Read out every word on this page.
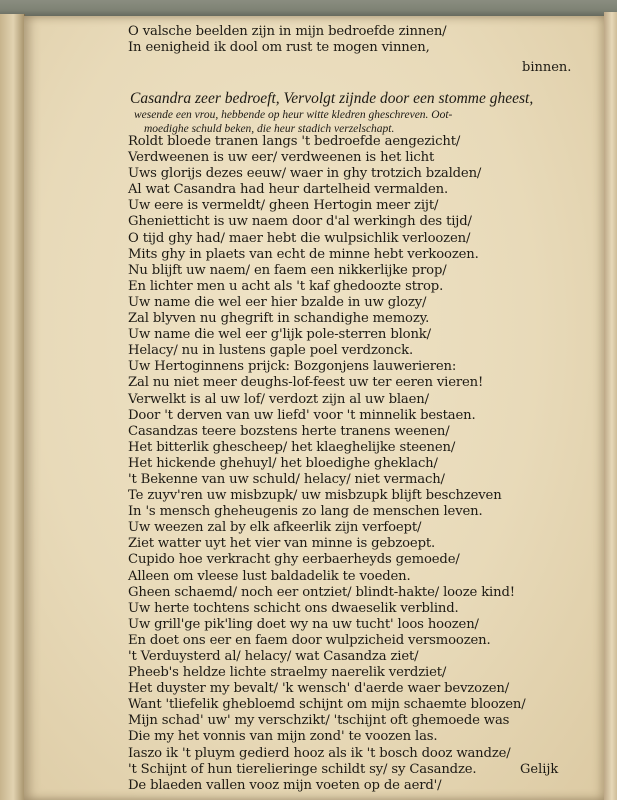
O valsche beelden zijn in mijn bedroefde zinnen/
In eenigheid ik dool om rust te mogen vinnen,
binnen.
Casandra zeer bedroeft, Vervolgt zijnde door een stomme gheest,
wesende een vrou, hebbende op heur witte kledren gheschreven. Oot-
moedighe schuld beken, die heur stadich verzelschapt.
Roldt bloede tranen langs 't bedroefde aengezicht/
Verdweenen is uw eer/ verdweenen is het licht
Uws glorijs dezes eeuw/ waer in ghy trotzich bzalden/
Al wat Casandra had heur dartelheid vermalden.
Uw eere is vermeldt/ gheen Hertogin meer zijt/
Ghenietticht is uw naem door d'al werkingh des tijd/
O tijd ghy had/ maer hebt die wulpsichlik verloozen/
Mits ghy in plaets van echt de minne hebt verkoozen.
Nu blijft uw naem/ en faem een nikkerlijke prop/
En lichter men u acht als 't kaf ghedoozte strop.
Uw name die wel eer hier bzalde in uw glozy/
Zal blyven nu ghegrift in schandighe memozy.
Uw name die wel eer g'lijk pole-sterren blonk/
Helacy/ nu in lustens gaple poel verdzonck.
Uw Hertoginnens prijck: Bozgonjens lauwerieren:
Zal nu niet meer deughs-lof-feest uw ter eeren vieren!
Verwelkt is al uw lof/ verdozt zijn al uw blaen/
Door 't derven van uw liefd' voor 't minnelik bestaen.
Casandzas teere bozstens herte tranens weenen/
Het bitterlik ghescheep/ het klaeghelijke steenen/
Het hickende ghehuyl/ het bloedighe gheklach/
't Bekenne van uw schuld/ helacy/ niet vermach/
Te zuyv'ren uw misbzupk/ uw misbzupk blijft beschzeven
In 's mensch gheheugenis zo lang de menschen leven.
Uw weezen zal by elk afkeerlik zijn verfoept/
Ziet watter uyt het vier van minne is gebzoept.
Cupido hoe verkracht ghy eerbaerheyds gemoede/
Alleen om vleese lust baldadelik te voeden.
Gheen schaemd/ noch eer ontziet/ blindt-hakte/ looze kind!
Uw herte tochtens schicht ons dwaeselik verblind.
Uw grill'ge pik'ling doet wy na uw tucht' loos hoozen/
En doet ons eer en faem door wulpzicheid versmoozen.
't Verduysterd al/ helacy/ wat Casandza ziet/
Pheeb's heldze lichte straelmy naerelik verdziet/
Het duyster my bevalt/ 'k wensch' d'aerde waer bevzozen/
Want 'tliefelik ghebloemd schijnt om mijn schaemte bloozen/
Mijn schad' uw' my verschzikt/ 'tschijnt oft ghemoede was
Die my het vonnis van mijn zond' te voozen las.
Iaszo ik 't pluym gedierd hooz als ik 't bosch dooz wandze/
't Schijnt of hun tierelieringe schildt sy/ sy Casandze.
De blaeden vallen vooz mijn voeten op de aerd'/
Gelijk
